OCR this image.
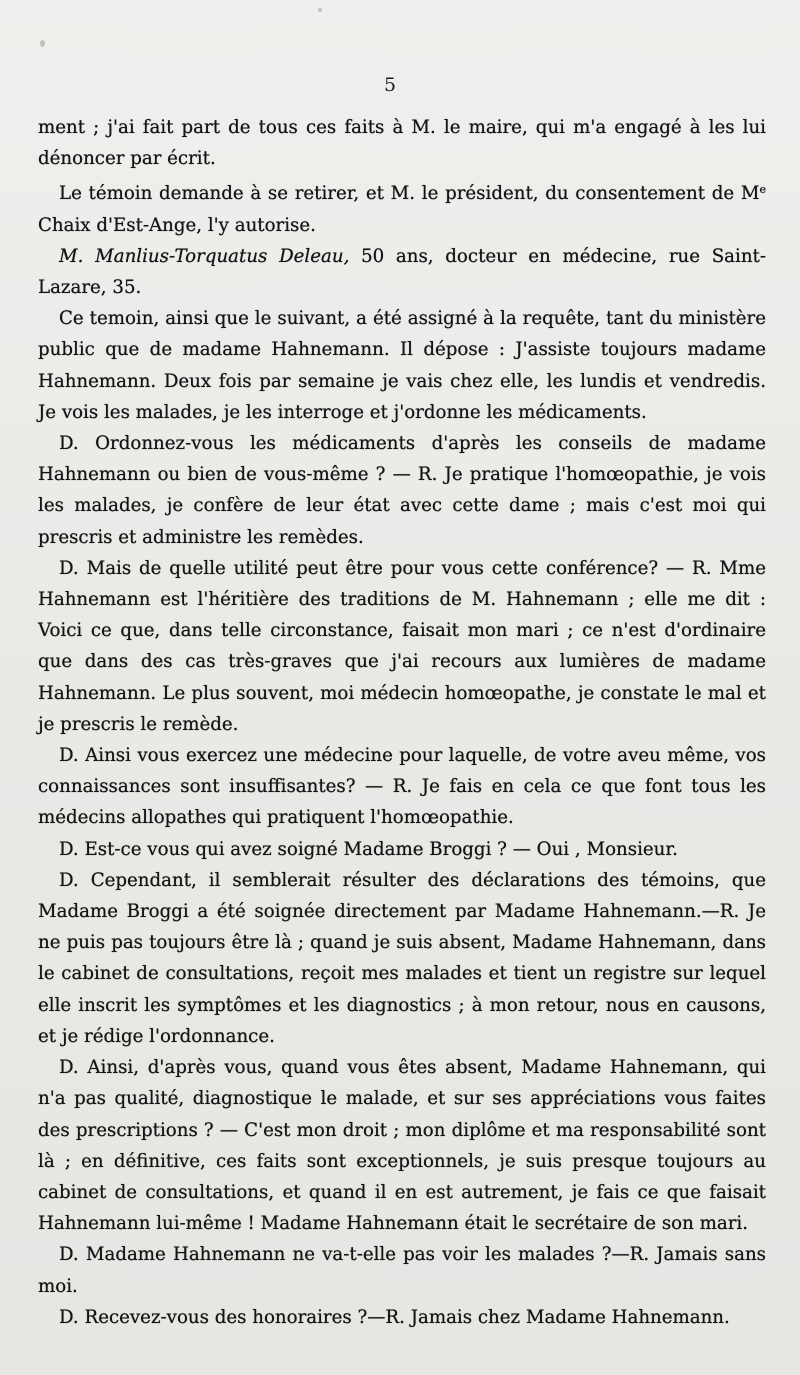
5

ment ; j'ai fait part de tous ces faits à M. le maire, qui m'a engagé à les lui dénoncer par écrit.

Le témoin demande à se retirer, et M. le président, du consentement de Me Chaix d'Est-Ange, l'y autorise.

M. Manlius-Torquatus Deleau, 50 ans, docteur en médecine, rue Saint-Lazare, 35.

Ce temoin, ainsi que le suivant, a été assigné à la requête, tant du ministère public que de madame Hahnemann. Il dépose : J'assiste toujours madame Hahnemann. Deux fois par semaine je vais chez elle, les lundis et vendredis. Je vois les malades, je les interroge et j'ordonne les médicaments.

D. Ordonnez-vous les médicaments d'après les conseils de madame Hahnemann ou bien de vous-même ? — R. Je pratique l'homœopathie, je vois les malades, je confère de leur état avec cette dame ; mais c'est moi qui prescris et administre les remèdes.

D. Mais de quelle utilité peut être pour vous cette conférence? — R. Mme Hahnemann est l'héritière des traditions de M. Hahnemann ; elle me dit : Voici ce que, dans telle circonstance, faisait mon mari ; ce n'est d'ordinaire que dans des cas très-graves que j'ai recours aux lumières de madame Hahnemann. Le plus souvent, moi médecin homœopathe, je constate le mal et je prescris le remède.

D. Ainsi vous exercez une médecine pour laquelle, de votre aveu même, vos connaissances sont insuffisantes? — R. Je fais en cela ce que font tous les médecins allopathes qui pratiquent l'homœopathie.

D. Est-ce vous qui avez soigné Madame Broggi ? — Oui , Monsieur.

D. Cependant, il semblerait résulter des déclarations des témoins, que Madame Broggi a été soignée directement par Madame Hahnemann.—R. Je ne puis pas toujours être là ; quand je suis absent, Madame Hahnemann, dans le cabinet de consultations, reçoit mes malades et tient un registre sur lequel elle inscrit les symptômes et les diagnostics ; à mon retour, nous en causons, et je rédige l'ordonnance.

D. Ainsi, d'après vous, quand vous êtes absent, Madame Hahnemann, qui n'a pas qualité, diagnostique le malade, et sur ses appréciations vous faites des prescriptions ? — C'est mon droit ; mon diplôme et ma responsabilité sont là ; en définitive, ces faits sont exceptionnels, je suis presque toujours au cabinet de consultations, et quand il en est autrement, je fais ce que faisait Hahnemann lui-même ! Madame Hahnemann était le secrétaire de son mari.

D. Madame Hahnemann ne va-t-elle pas voir les malades ?—R. Jamais sans moi.

D. Recevez-vous des honoraires ?—R. Jamais chez Madame Hahnemann.
